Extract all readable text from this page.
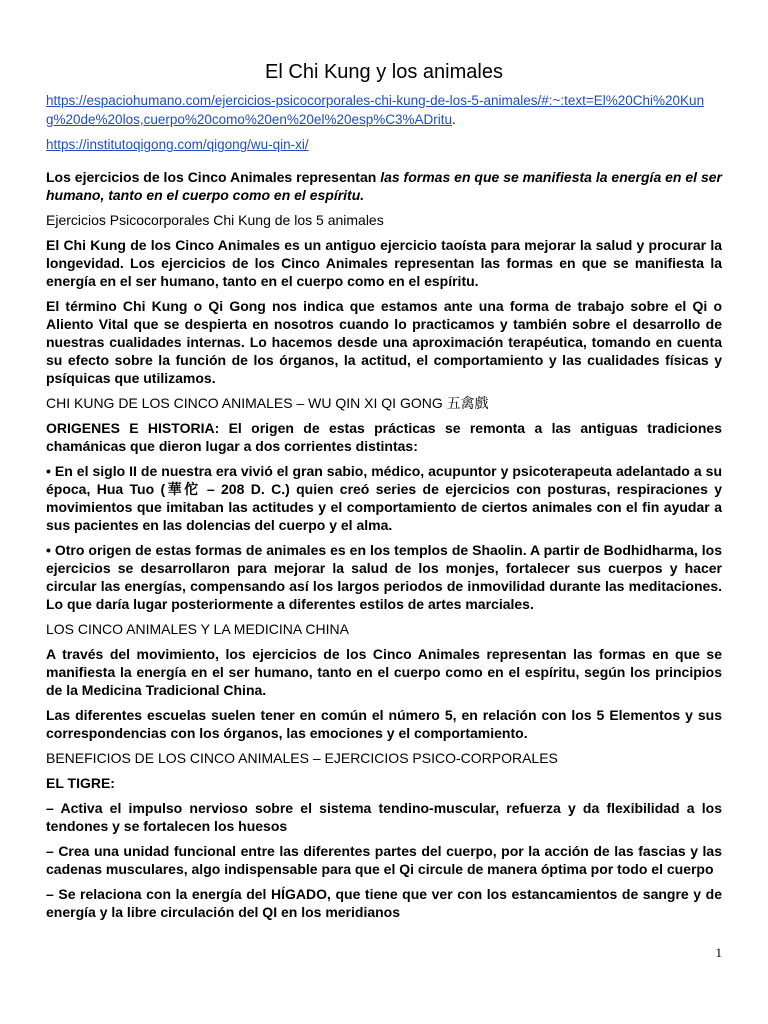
El Chi Kung y los animales

https://espaciohumano.com/ejercicios-psicocorporales-chi-kung-de-los-5-animales/#:~:text=El%20Chi%20Kung%20de%20los,cuerpo%20como%20en%20el%20esp%C3%ADritu.

https://institutoqigong.com/qigong/wu-qin-xi/

Los ejercicios de los Cinco Animales representan las formas en que se manifiesta la energía en el ser humano, tanto en el cuerpo como en el espíritu.

Ejercicios Psicocorporales Chi Kung de los 5 animales

El Chi Kung de los Cinco Animales es un antiguo ejercicio taoísta para mejorar la salud y procurar la longevidad. Los ejercicios de los Cinco Animales representan las formas en que se manifiesta la energía en el ser humano, tanto en el cuerpo como en el espíritu.

El término Chi Kung o Qi Gong nos indica que estamos ante una forma de trabajo sobre el Qi o Aliento Vital que se despierta en nosotros cuando lo practicamos y también sobre el desarrollo de nuestras cualidades internas. Lo hacemos desde una aproximación terapéutica, tomando en cuenta su efecto sobre la función de los órganos, la actitud, el comportamiento y las cualidades físicas y psíquicas que utilizamos.

CHI KUNG DE LOS CINCO ANIMALES – WU QIN XI QI GONG 五禽戲

ORIGENES E HISTORIA: El origen de estas prácticas se remonta a las antiguas tradiciones chamánicas que dieron lugar a dos corrientes distintas:

• En el siglo II de nuestra era vivió el gran sabio, médico, acupuntor y psicoterapeuta adelantado a su época, Hua Tuo (華佗 – 208 D. C.) quien creó series de ejercicios con posturas, respiraciones y movimientos que imitaban las actitudes y el comportamiento de ciertos animales con el fin ayudar a sus pacientes en las dolencias del cuerpo y el alma.

• Otro origen de estas formas de animales es en los templos de Shaolin. A partir de Bodhidharma, los ejercicios se desarrollaron para mejorar la salud de los monjes, fortalecer sus cuerpos y hacer circular las energías, compensando así los largos periodos de inmovilidad durante las meditaciones. Lo que daría lugar posteriormente a diferentes estilos de artes marciales.

LOS CINCO ANIMALES Y LA MEDICINA CHINA

A través del movimiento, los ejercicios de los Cinco Animales representan las formas en que se manifiesta la energía en el ser humano, tanto en el cuerpo como en el espíritu, según los principios de la Medicina Tradicional China.

Las diferentes escuelas suelen tener en común el número 5, en relación con los 5 Elementos y sus correspondencias con los órganos, las emociones y el comportamiento.

BENEFICIOS DE LOS CINCO ANIMALES – EJERCICIOS PSICO-CORPORALES
EL TIGRE:

– Activa el impulso nervioso sobre el sistema tendino-muscular, refuerza y da flexibilidad a los tendones y se fortalecen los huesos

– Crea una unidad funcional entre las diferentes partes del cuerpo, por la acción de las fascias y las cadenas musculares, algo indispensable para que el Qi circule de manera óptima por todo el cuerpo

– Se relaciona con la energía del HÍGADO, que tiene que ver con los estancamientos de sangre y de energía y la libre circulación del QI en los meridianos

1
